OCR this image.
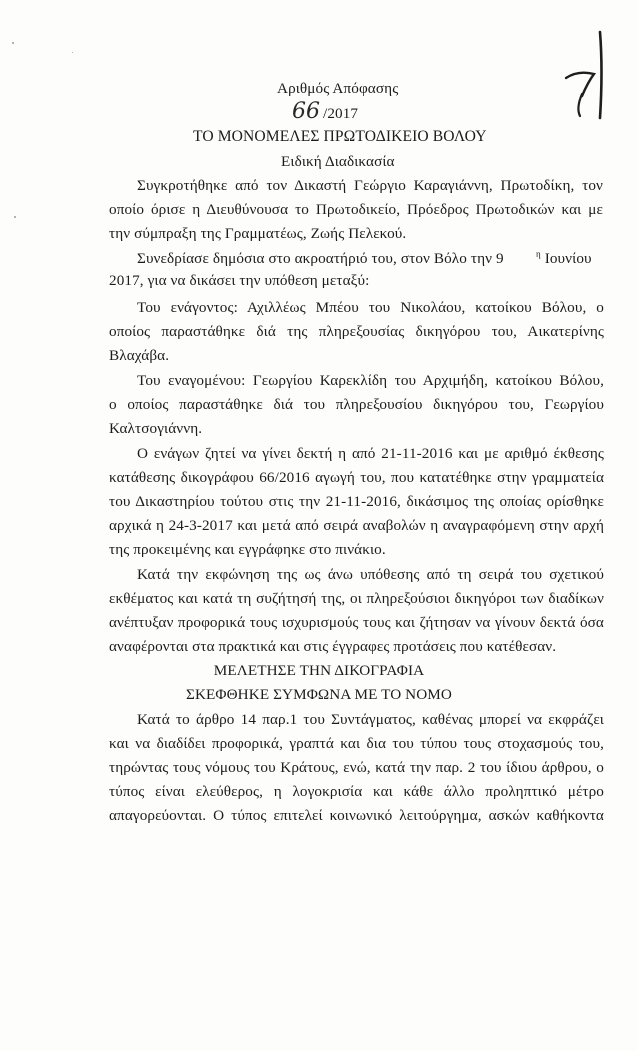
Αριθμός Απόφασης
66 /2017
ΤΟ ΜΟΝΟΜΕΛΕΣ ΠΡΩΤΟΔΙΚΕΙΟ ΒΟΛΟΥ
Ειδική Διαδικασία
Συγκροτήθηκε από τον Δικαστή Γεώργιο Καραγιάννη, Πρωτοδίκη, τον
οποίο όρισε η Διευθύνουσα το Πρωτοδικείο, Πρόεδρος Πρωτοδικών και με
την σύμπραξη της Γραμματέως, Ζωής Πελεκού.
Συνεδρίασε δημόσια στο ακροατήριό του, στον Βόλο την 9	$^\eta$ Ιουνίου
2017, για να δικάσει την υπόθεση μεταξύ:
Του ενάγοντος: Αχιλλέως Μπέου του Νικολάου, κατοίκου Βόλου, ο
οποίος παραστάθηκε διά της πληρεξουσίας δικηγόρου του, Αικατερίνης
Βλαχάβα.
Του εναγομένου: Γεωργίου Καρεκλίδη του Αρχιμήδη, κατοίκου Βόλου,
ο οποίος παραστάθηκε διά του πληρεξουσίου δικηγόρου του, Γεωργίου
Καλτσογιάννη.
Ο ενάγων ζητεί να γίνει δεκτή η από 21-11-2016 και με αριθμό έκθεσης
κατάθεσης δικογράφου 66/2016 αγωγή του, που κατατέθηκε στην γραμματεία
του Δικαστηρίου τούτου στις την 21-11-2016, δικάσιμος της οποίας ορίσθηκε
αρχικά η 24-3-2017 και μετά από σειρά αναβολών η αναγραφόμενη στην αρχή
της προκειμένης και εγγράφηκε στο πινάκιο.
Κατά την εκφώνηση της ως άνω υπόθεσης από τη σειρά του σχετικού
εκθέματος και κατά τη συζήτησή της, οι πληρεξούσιοι δικηγόροι των διαδίκων
ανέπτυξαν προφορικά τους ισχυρισμούς τους και ζήτησαν να γίνουν δεκτά όσα
αναφέρονται στα πρακτικά και στις έγγραφες προτάσεις που κατέθεσαν.
ΜΕΛΕΤΗΣΕ ΤΗΝ ΔΙΚΟΓΡΑΦΙΑ
ΣΚΕΦΘΗΚΕ ΣΥΜΦΩΝΑ ΜΕ ΤΟ ΝΟΜΟ
Κατά το άρθρο 14 παρ.1 του Συντάγματος, καθένας μπορεί να εκφράζει
και να διαδίδει προφορικά, γραπτά και δια του τύπου τους στοχασμούς του,
τηρώντας τους νόμους του Κράτους, ενώ, κατά την παρ. 2 του ίδιου άρθρου, ο
τύπος είναι ελεύθερος, η λογοκρισία και κάθε άλλο προληπτικό μέτρο
απαγορεύονται. Ο τύπος επιτελεί κοινωνικό λειτούργημα, ασκών καθήκοντα
